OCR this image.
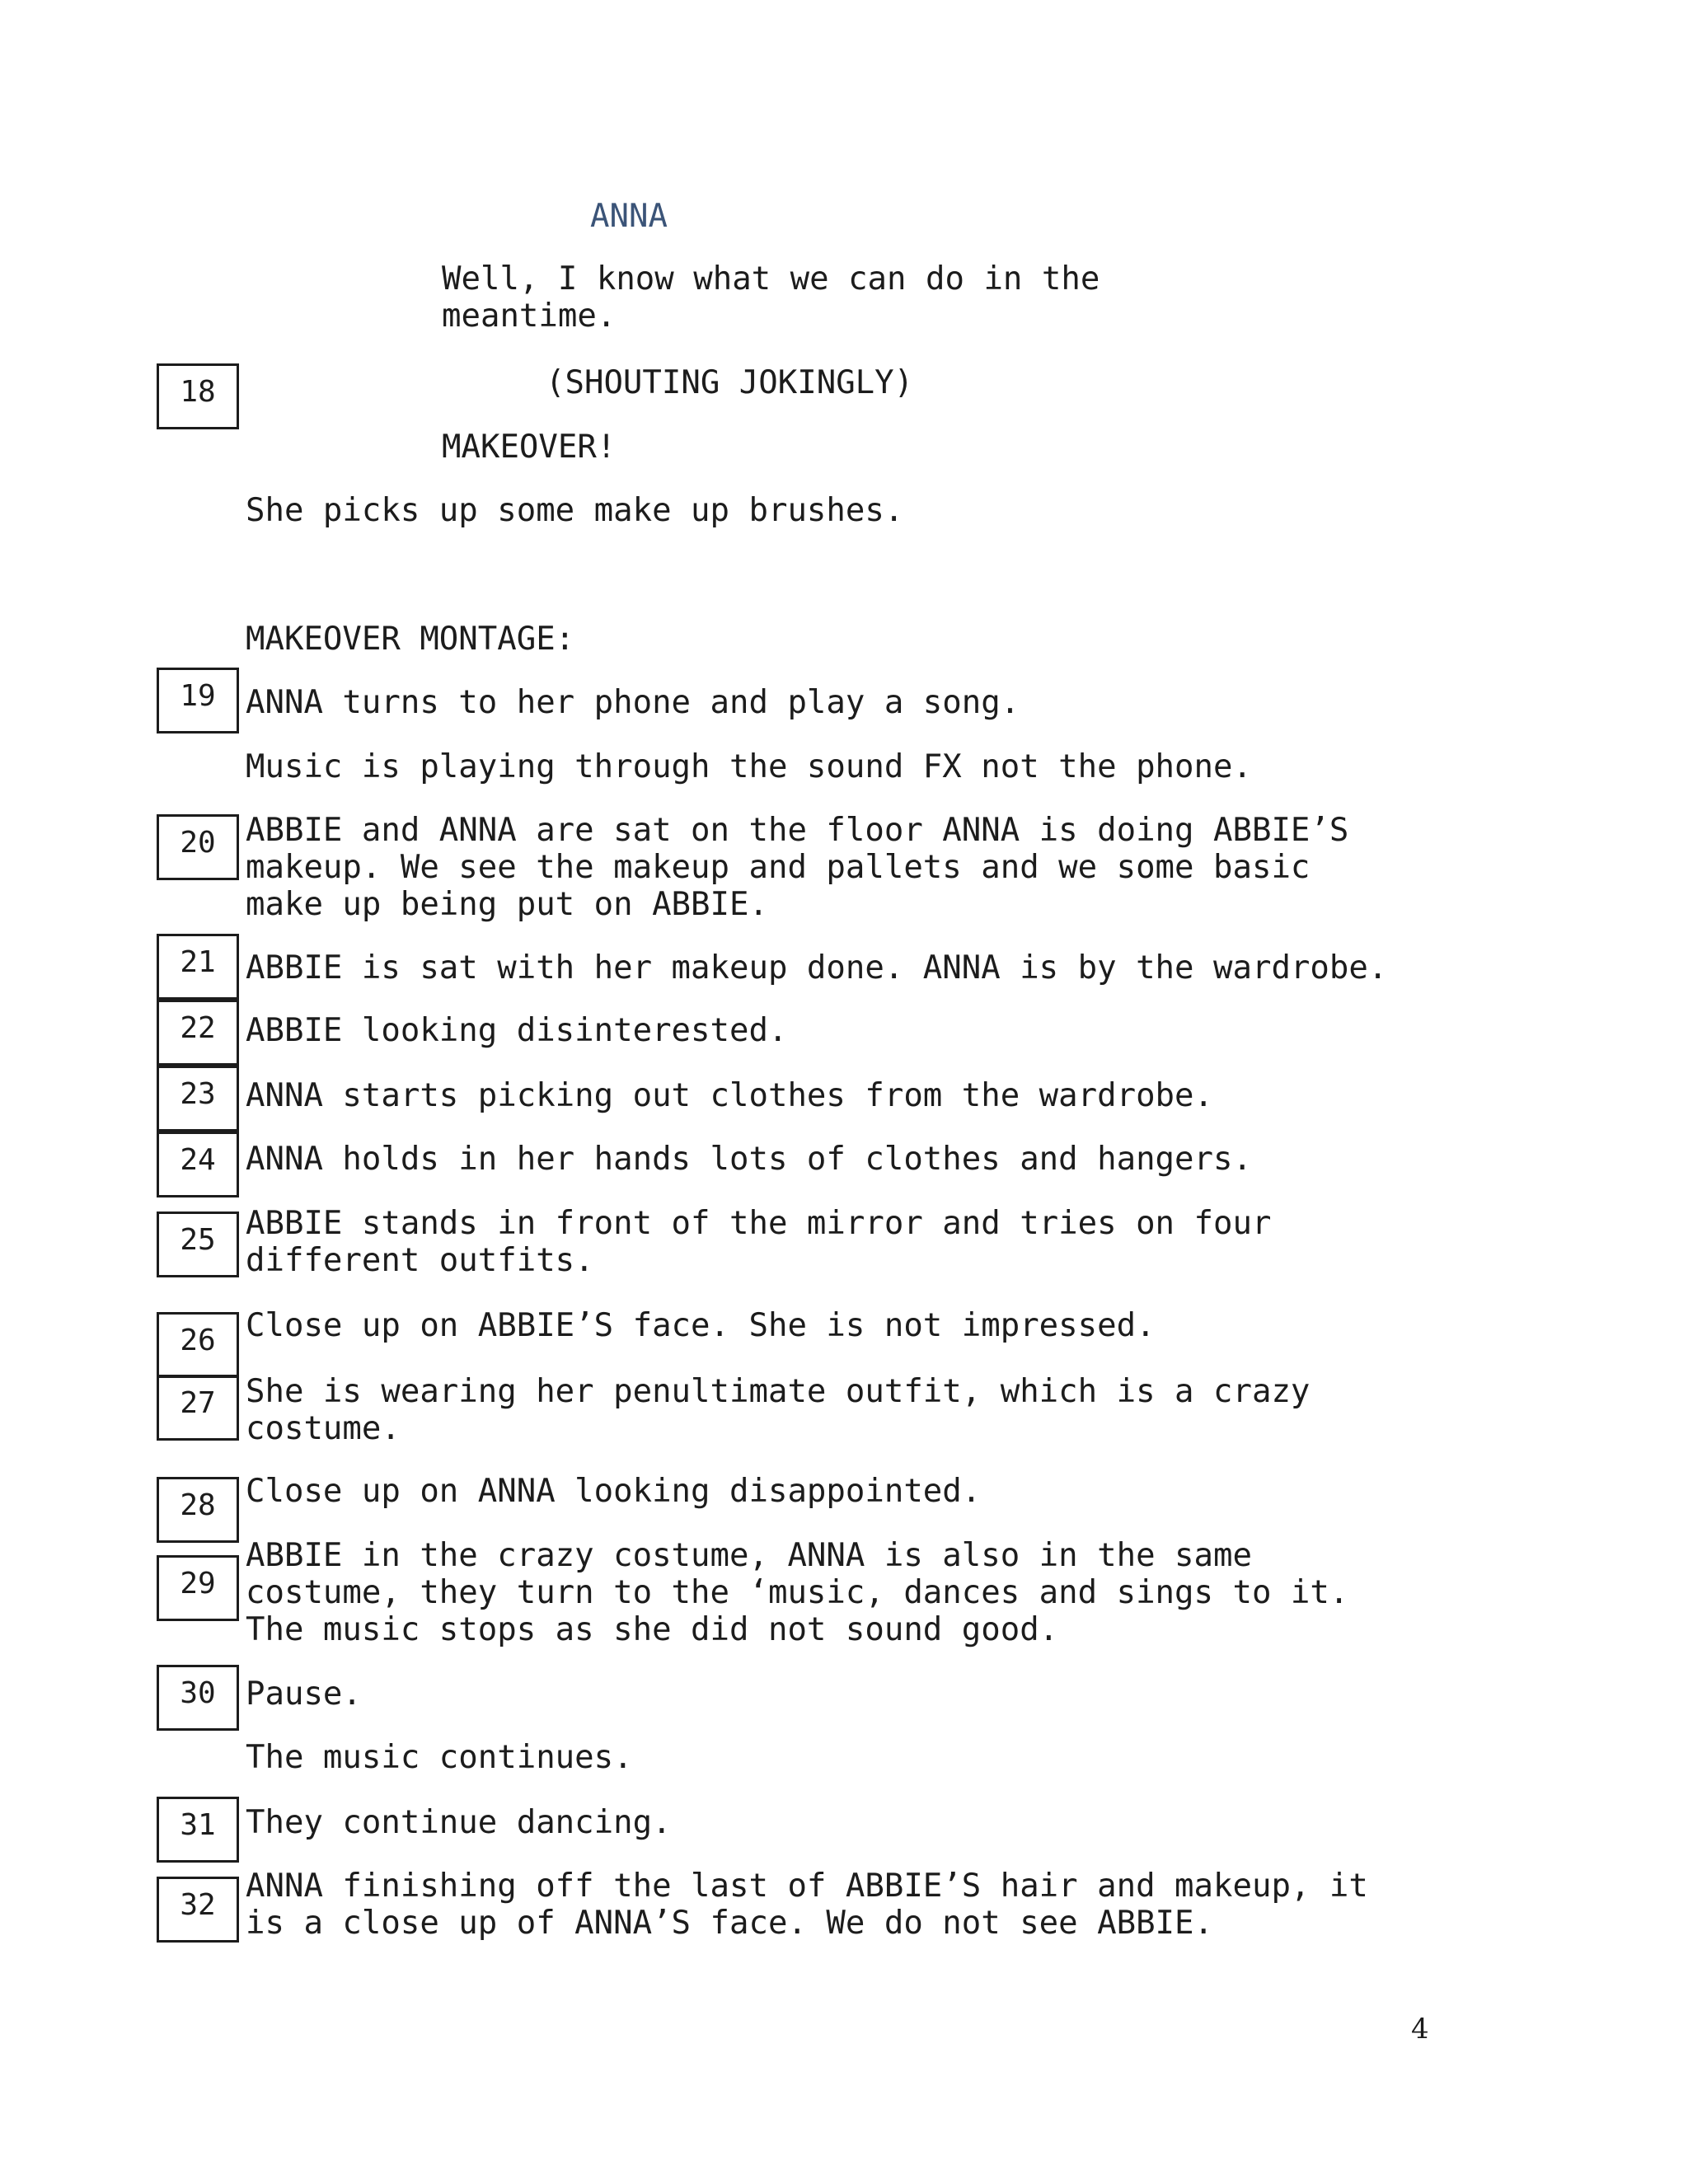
ANNA
Well, I know what we can do in the
meantime.
(SHOUTING JOKINGLY)
MAKEOVER!
She picks up some make up brushes.
MAKEOVER MONTAGE:
18
19
20
21
22
23
24
25
26
27
28
29
30
31
32
ANNA turns to her phone and play a song.
Music is playing through the sound FX not the phone.
ABBIE and ANNA are sat on the floor ANNA is doing ABBIE’S
makeup. We see the makeup and pallets and we some basic
make up being put on ABBIE.
ABBIE is sat with her makeup done. ANNA is by the wardrobe.
ABBIE looking disinterested.
ANNA starts picking out clothes from the wardrobe.
ANNA holds in her hands lots of clothes and hangers.
ABBIE stands in front of the mirror and tries on four
different outfits.
Close up on ABBIE’S face. She is not impressed.
She is wearing her penultimate outfit, which is a crazy
costume.
Close up on ANNA looking disappointed.
ABBIE in the crazy costume, ANNA is also in the same
costume, they turn to the ‘music, dances and sings to it.
The music stops as she did not sound good.
Pause.
The music continues.
They continue dancing.
ANNA finishing off the last of ABBIE’S hair and makeup, it
is a close up of ANNA’S face. We do not see ABBIE.
4
